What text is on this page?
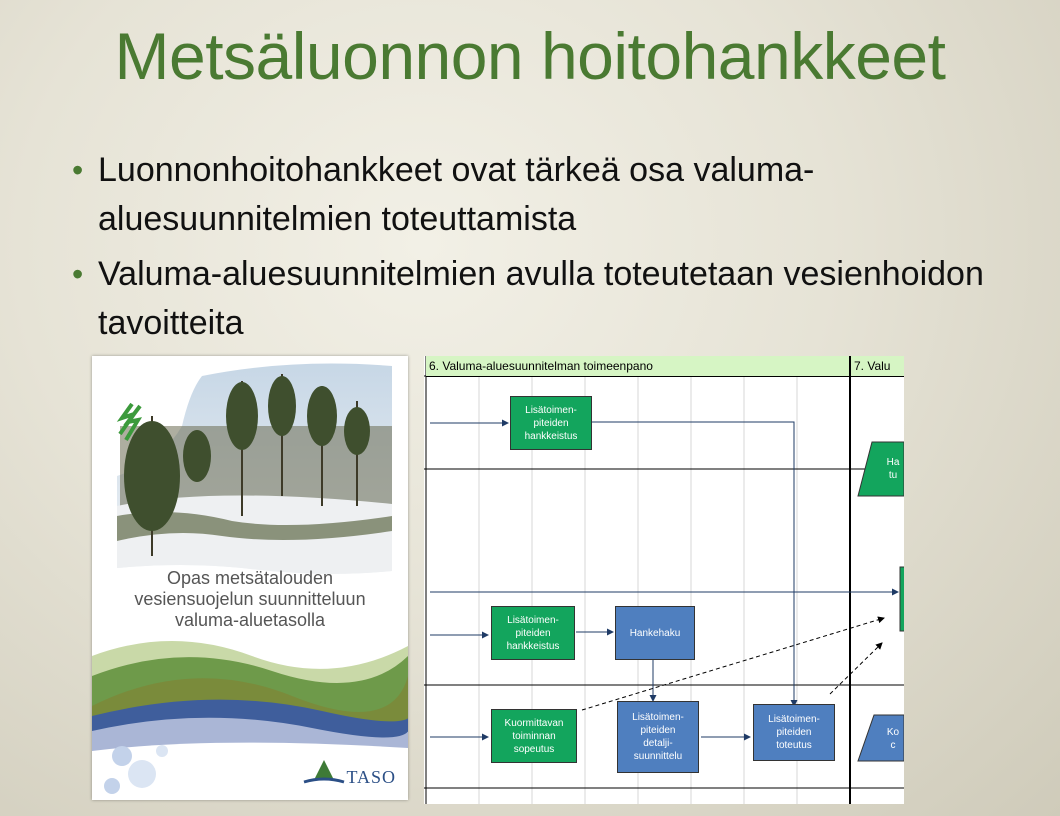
Metsäluonnon hoitohankkeet
• Luonnonhoitohankkeet ovat tärkeä osa valuma-aluesuunnitelmien toteuttamista
• Valuma-aluesuunnitelmien avulla toteutetaan vesienhoidon tavoitteita
Opas metsätalouden
vesiensuojelun suunnitteluun
valuma-aluetasolla
TASO
6. Valuma-aluesuunnitelman toimeenpano	7. Valu
Lisätoimen-
piteiden
hankkeistus
Lisätoimen-
piteiden
hankkeistus
Hankehaku
Kuormittavan
toiminnan
sopeutus
Lisätoimen-
piteiden
detalji-
suunnittelu
Lisätoimen-
piteiden
toteutus
Ha
tu
Ko
c
